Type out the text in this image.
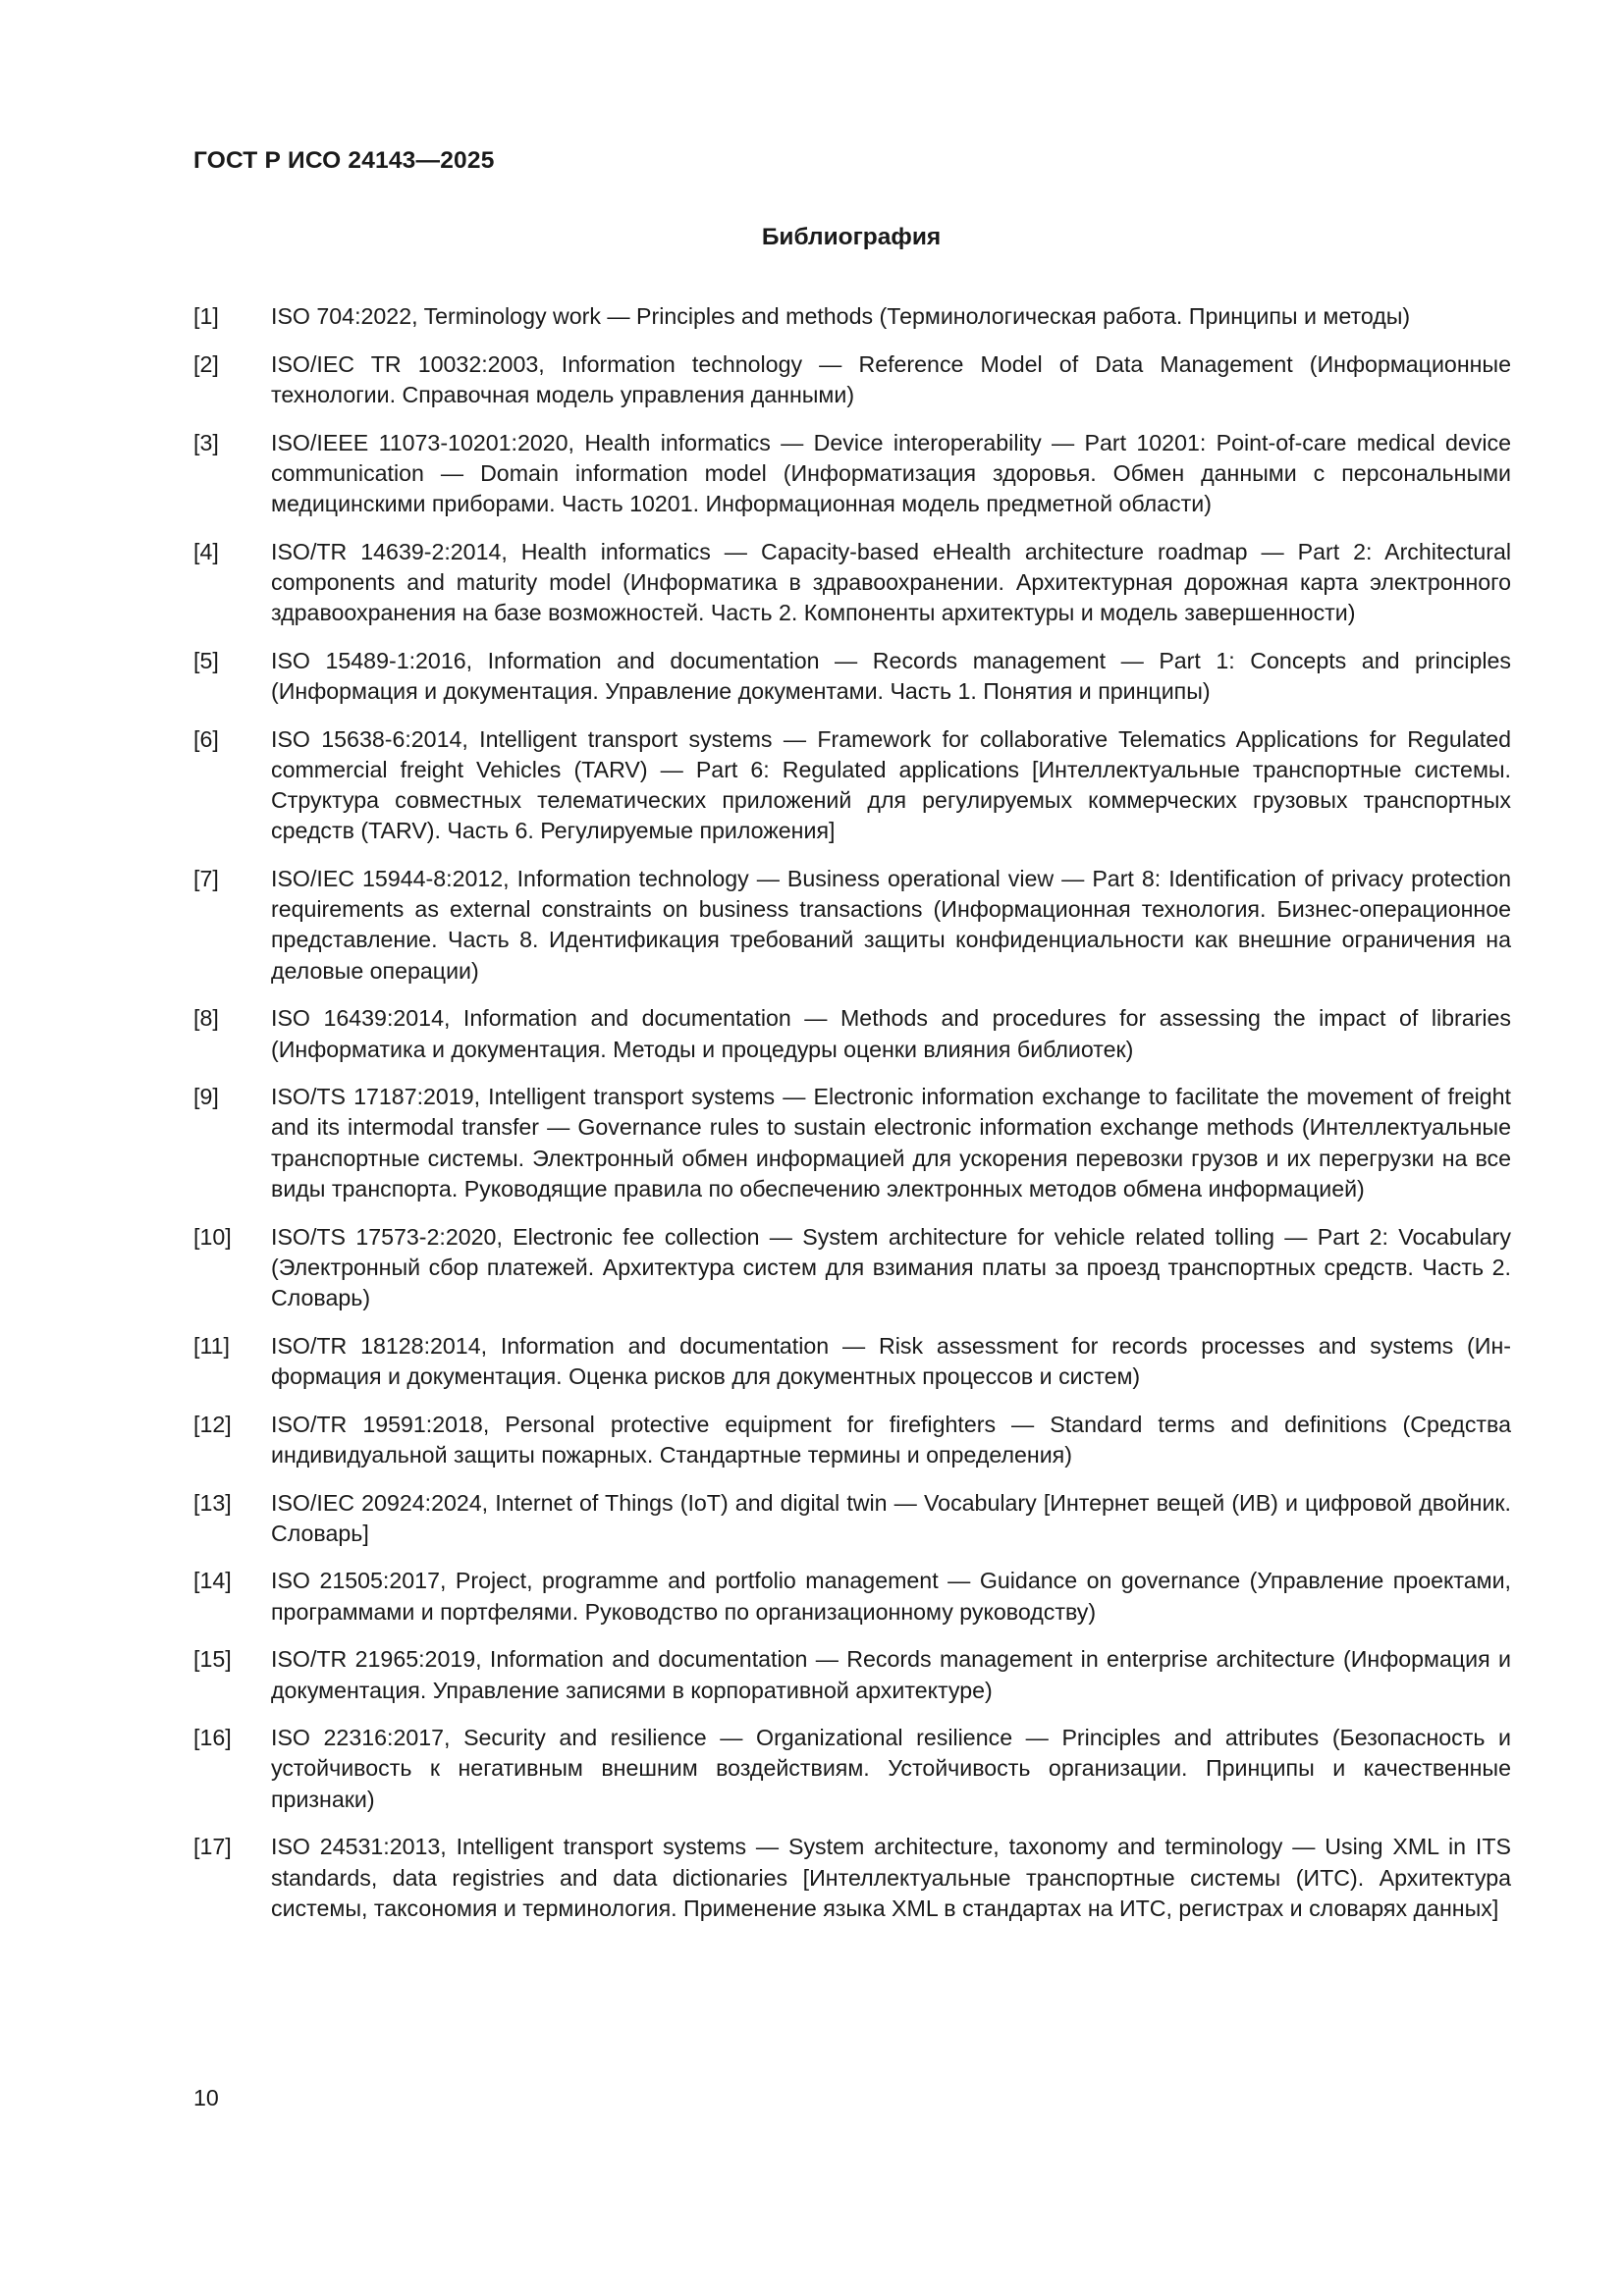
ГОСТ Р ИСО 24143—2025
Библиография
[1]	ISO 704:2022, Terminology work — Principles and methods (Терминологическая работа. Принципы и методы)
[2]	ISO/IEC TR 10032:2003, Information technology — Reference Model of Data Management (Информационные технологии. Справочная модель управления данными)
[3]	ISO/IEEE 11073-10201:2020, Health informatics — Device interoperability — Part 10201: Point-of-care medical device communication — Domain information model (Информатизация здоровья. Обмен данными с персональными медицинскими приборами. Часть 10201. Информационная модель предметной области)
[4]	ISO/TR 14639-2:2014, Health informatics — Capacity-based eHealth architecture roadmap — Part 2: Architectural components and maturity model (Информатика в здравоохранении. Архитектурная дорожная карта электронного здравоохранения на базе возможностей. Часть 2. Компоненты архитектуры и модель завершенности)
[5]	ISO 15489-1:2016, Information and documentation — Records management — Part 1: Concepts and principles (Информация и документация. Управление документами. Часть 1. Понятия и принципы)
[6]	ISO 15638-6:2014, Intelligent transport systems — Framework for collaborative Telematics Applications for Regulated commercial freight Vehicles (TARV) — Part 6: Regulated applications [Интеллектуальные транспортные системы. Структура совместных телематических приложений для регулируемых коммерческих грузовых транспортных средств (TARV). Часть 6. Регулируемые приложения]
[7]	ISO/IEC 15944-8:2012, Information technology — Business operational view — Part 8: Identification of privacy protection requirements as external constraints on business transactions (Информационная технология. Бизнес-операционное представление. Часть 8. Идентификация требований защиты конфиденциальности как внешние ограничения на деловые операции)
[8]	ISO 16439:2014, Information and documentation — Methods and procedures for assessing the impact of libraries (Информатика и документация. Методы и процедуры оценки влияния библиотек)
[9]	ISO/TS 17187:2019, Intelligent transport systems — Electronic information exchange to facilitate the movement of freight and its intermodal transfer — Governance rules to sustain electronic information exchange methods (Интеллектуальные транспортные системы. Электронный обмен информацией для ускорения перевозки грузов и их перегрузки на все виды транспорта. Руководящие правила по обеспечению электронных методов обмена информацией)
[10]	ISO/TS 17573-2:2020, Electronic fee collection — System architecture for vehicle related tolling — Part 2: Vocabulary (Электронный сбор платежей. Архитектура систем для взимания платы за проезд транспортных средств. Часть 2. Словарь)
[11]	ISO/TR 18128:2014, Information and documentation — Risk assessment for records processes and systems (Информация и документация. Оценка рисков для документных процессов и систем)
[12]	ISO/TR 19591:2018, Personal protective equipment for firefighters — Standard terms and definitions (Средства индивидуальной защиты пожарных. Стандартные термины и определения)
[13]	ISO/IEC 20924:2024, Internet of Things (IoT) and digital twin — Vocabulary [Интернет вещей (ИВ) и цифровой двойник. Словарь]
[14]	ISO 21505:2017, Project, programme and portfolio management — Guidance on governance (Управление проектами, программами и портфелями. Руководство по организационному руководству)
[15]	ISO/TR 21965:2019, Information and documentation — Records management in enterprise architecture (Информация и документация. Управление записями в корпоративной архитектуре)
[16]	ISO 22316:2017, Security and resilience — Organizational resilience — Principles and attributes (Безопасность и устойчивость к негативным внешним воздействиям. Устойчивость организации. Принципы и качественные признаки)
[17]	ISO 24531:2013, Intelligent transport systems — System architecture, taxonomy and terminology — Using XML in ITS standards, data registries and data dictionaries [Интеллектуальные транспортные системы (ИТС). Архитектура системы, таксономия и терминология. Применение языка XML в стандартах на ИТС, регистрах и словарях данных]
10
